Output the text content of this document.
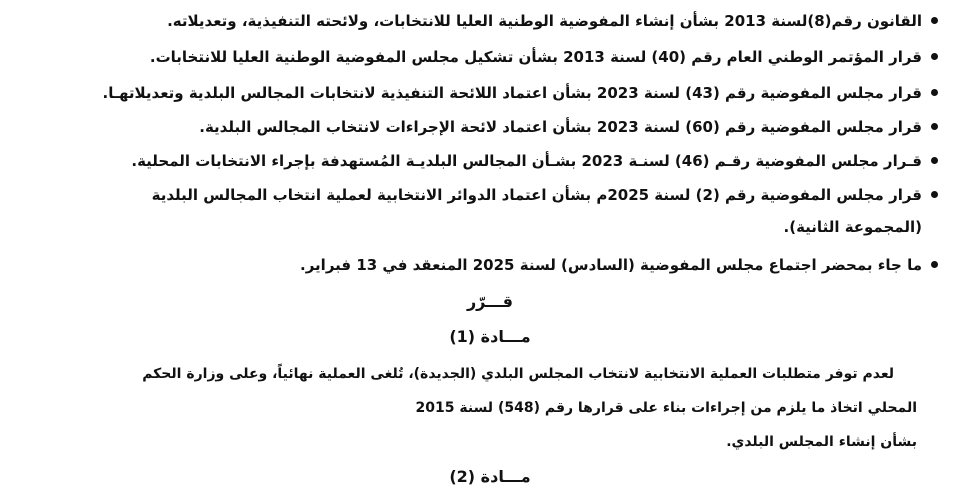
القانون رقم(8)لسنة 2013 بشأن إنشاء المفوضية الوطنية العليا للانتخابات، ولائحته التنفيذية، وتعديلاته.
قرار المؤتمر الوطني العام رقم (40) لسنة 2013 بشأن تشكيل مجلس المفوضية الوطنية العليا للانتخابات.
قرار مجلس المفوضية رقم (43) لسنة 2023 بشأن اعتماد اللائحة التنفيذية لانتخابات المجالس البلدية وتعديلاتهـا.
قرار مجلس المفوضية رقم (60) لسنة 2023 بشأن اعتماد لائحة الإجراءات لانتخاب المجالس البلدية.
قـرار مجلس المفوضية رقـم (46) لسنـة 2023 بشـأن المجالس البلديـة المُستهدفة بإجراء الانتخابات المحلية.
قرار مجلس المفوضية رقم (2) لسنة 2025م بشأن اعتماد الدوائر الانتخابية لعملية انتخاب المجالس البلدية
(المجموعة الثانية).
ما جاء بمحضر اجتماع مجلس المفوضية (السادس) لسنة 2025 المنعقد في 13 فبراير.
قـــرّر
مـــادة (1)
لعدم توفر متطلبات العملية الانتخابية لانتخاب المجلس البلدي (الجديدة)، تُلغى العملية نهائياً، وعلى وزارة الحكم
المحلي اتخاذ ما يلزم من إجراءات بناء على قرارها رقم (548) لسنة 2015
بشأن إنشاء المجلس البلدي.
مـــادة (2)
